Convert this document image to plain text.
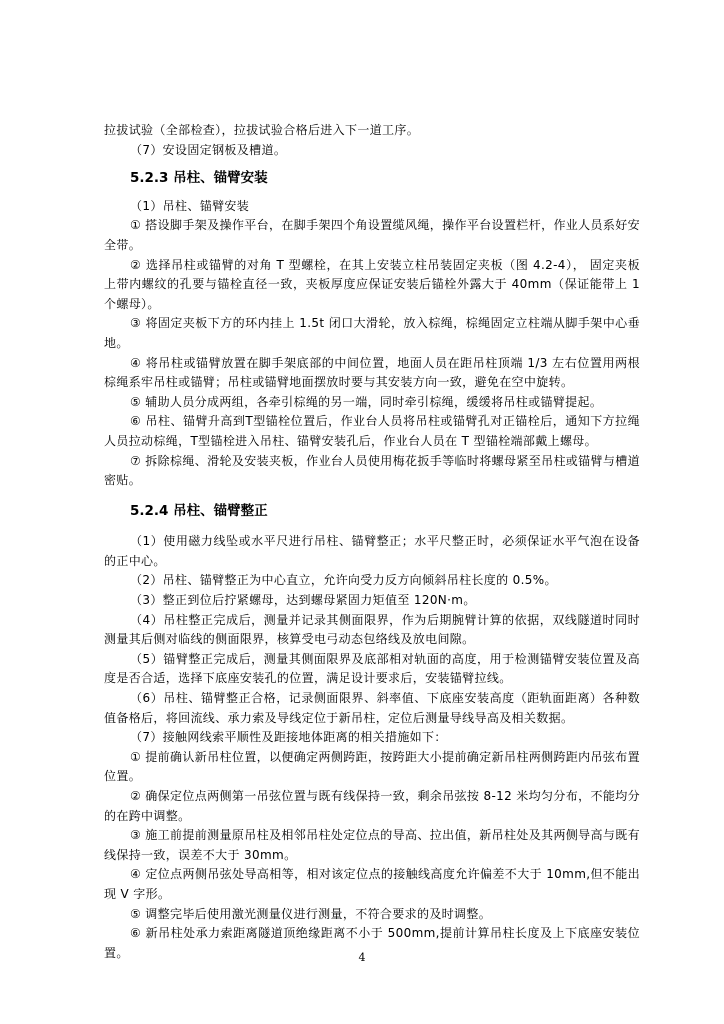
拉拔试验（全部检查），拉拔试验合格后进入下一道工序。

（7）安设固定钢板及槽道。

5.2.3 吊柱、锚臂安装

（1）吊柱、锚臂安装

① 搭设脚手架及操作平台，在脚手架四个角设置缆风绳，操作平台设置栏杆，作业人员系好安全带。

② 选择吊柱或锚臂的对角 T 型螺栓，在其上安装立柱吊装固定夹板（图 4.2-4）， 固定夹板上带内螺纹的孔要与锚栓直径一致，夹板厚度应保证安装后锚栓外露大于 40mm（保证能带上 1 个螺母）。

③ 将固定夹板下方的环内挂上 1.5t 闭口大滑轮，放入棕绳，棕绳固定立柱端从脚手架中心垂地。

④ 将吊柱或锚臂放置在脚手架底部的中间位置，地面人员在距吊柱顶端 1/3 左右位置用两根棕绳系牢吊柱或锚臂；吊柱或锚臂地面摆放时要与其安装方向一致，避免在空中旋转。

⑤ 辅助人员分成两组，各牵引棕绳的另一端，同时牵引棕绳，缓缓将吊柱或锚臂提起。

⑥ 吊柱、锚臂升高到T型锚栓位置后，作业台人员将吊柱或锚臂孔对正锚栓后，通知下方拉绳人员拉动棕绳，T型锚栓进入吊柱、锚臂安装孔后，作业台人员在 T 型锚栓端部戴上螺母。

⑦ 拆除棕绳、滑轮及安装夹板，作业台人员使用梅花扳手等临时将螺母紧至吊柱或锚臂与槽道密贴。

5.2.4 吊柱、锚臂整正

（1）使用磁力线坠或水平尺进行吊柱、锚臂整正；水平尺整正时，必须保证水平气泡在设备的正中心。

（2）吊柱、锚臂整正为中心直立，允许向受力反方向倾斜吊柱长度的 0.5%。

（3）整正到位后拧紧螺母，达到螺母紧固力矩值至 120N·m。

（4）吊柱整正完成后，测量并记录其侧面限界，作为后期腕臂计算的依据，双线隧道时同时测量其后侧对临线的侧面限界，核算受电弓动态包络线及放电间隙。

（5）锚臂整正完成后，测量其侧面限界及底部相对轨面的高度，用于检测锚臂安装位置及高度是否合适，选择下底座安装孔的位置，满足设计要求后，安装锚臂拉线。

（6）吊柱、锚臂整正合格，记录侧面限界、斜率值、下底座安装高度（距轨面距离）各种数值备格后，将回流线、承力索及导线定位于新吊柱，定位后测量导线导高及相关数据。

（7）接触网线索平顺性及距接地体距离的相关措施如下：

① 提前确认新吊柱位置，以便确定两侧跨距，按跨距大小提前确定新吊柱两侧跨距内吊弦布置位置。

② 确保定位点两侧第一吊弦位置与既有线保持一致，剩余吊弦按 8-12 米均匀分布，不能均分的在跨中调整。

③ 施工前提前测量原吊柱及相邻吊柱处定位点的导高、拉出值，新吊柱处及其两侧导高与既有线保持一致，误差不大于 30mm。

④ 定位点两侧吊弦处导高相等，相对该定位点的接触线高度允许偏差不大于 10mm,但不能出现 V 字形。

⑤ 调整完毕后使用激光测量仪进行测量，不符合要求的及时调整。

⑥ 新吊柱处承力索距离隧道顶绝缘距离不小于 500mm,提前计算吊柱长度及上下底座安装位置。	4
